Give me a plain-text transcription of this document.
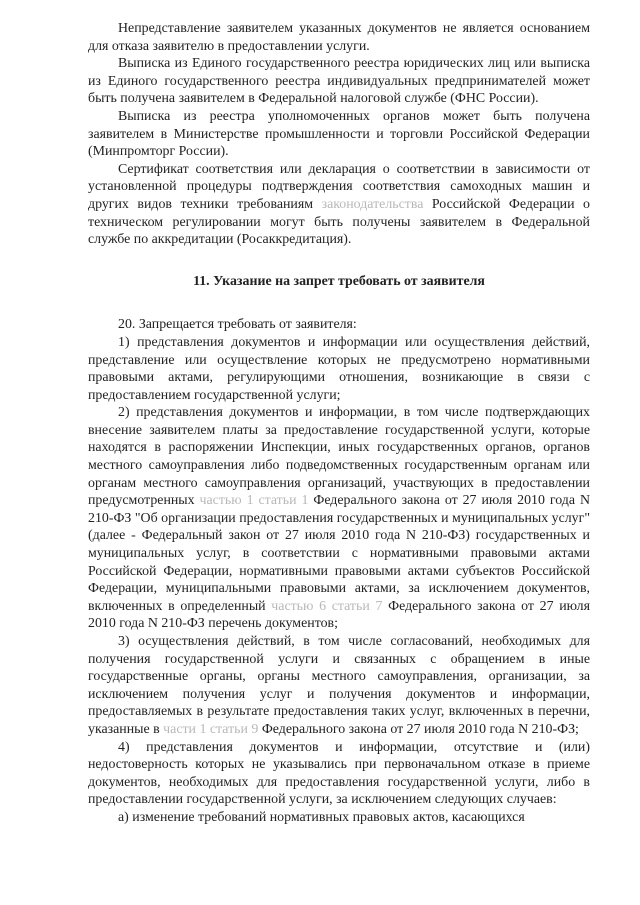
Непредставление заявителем указанных документов не является основанием для отказа заявителю в предоставлении услуги.

Выписка из Единого государственного реестра юридических лиц или выписка из Единого государственного реестра индивидуальных предпринимателей может быть получена заявителем в Федеральной налоговой службе (ФНС России).

Выписка из реестра уполномоченных органов может быть получена заявителем в Министерстве промышленности и торговли Российской Федерации (Минпромторг России).

Сертификат соответствия или декларация о соответствии в зависимости от установленной процедуры подтверждения соответствия самоходных машин и других видов техники требованиям законодательства Российской Федерации о техническом регулировании могут быть получены заявителем в Федеральной службе по аккредитации (Росаккредитация).

11. Указание на запрет требовать от заявителя

20. Запрещается требовать от заявителя:

1) представления документов и информации или осуществления действий, представление или осуществление которых не предусмотрено нормативными правовыми актами, регулирующими отношения, возникающие в связи с предоставлением государственной услуги;

2) представления документов и информации, в том числе подтверждающих внесение заявителем платы за предоставление государственной услуги, которые находятся в распоряжении Инспекции, иных государственных органов, органов местного самоуправления либо подведомственных государственным органам или органам местного самоуправления организаций, участвующих в предоставлении предусмотренных частью 1 статьи 1 Федерального закона от 27 июля 2010 года N 210-ФЗ "Об организации предоставления государственных и муниципальных услуг" (далее - Федеральный закон от 27 июля 2010 года N 210-ФЗ) государственных и муниципальных услуг, в соответствии с нормативными правовыми актами Российской Федерации, нормативными правовыми актами субъектов Российской Федерации, муниципальными правовыми актами, за исключением документов, включенных в определенный частью 6 статьи 7 Федерального закона от 27 июля 2010 года N 210-ФЗ перечень документов;

3) осуществления действий, в том числе согласований, необходимых для получения государственной услуги и связанных с обращением в иные государственные органы, органы местного самоуправления, организации, за исключением получения услуг и получения документов и информации, предоставляемых в результате предоставления таких услуг, включенных в перечни, указанные в части 1 статьи 9 Федерального закона от 27 июля 2010 года N 210-ФЗ;

4) представления документов и информации, отсутствие и (или) недостоверность которых не указывались при первоначальном отказе в приеме документов, необходимых для предоставления государственной услуги, либо в предоставлении государственной услуги, за исключением следующих случаев:

а) изменение требований нормативных правовых актов, касающихся
